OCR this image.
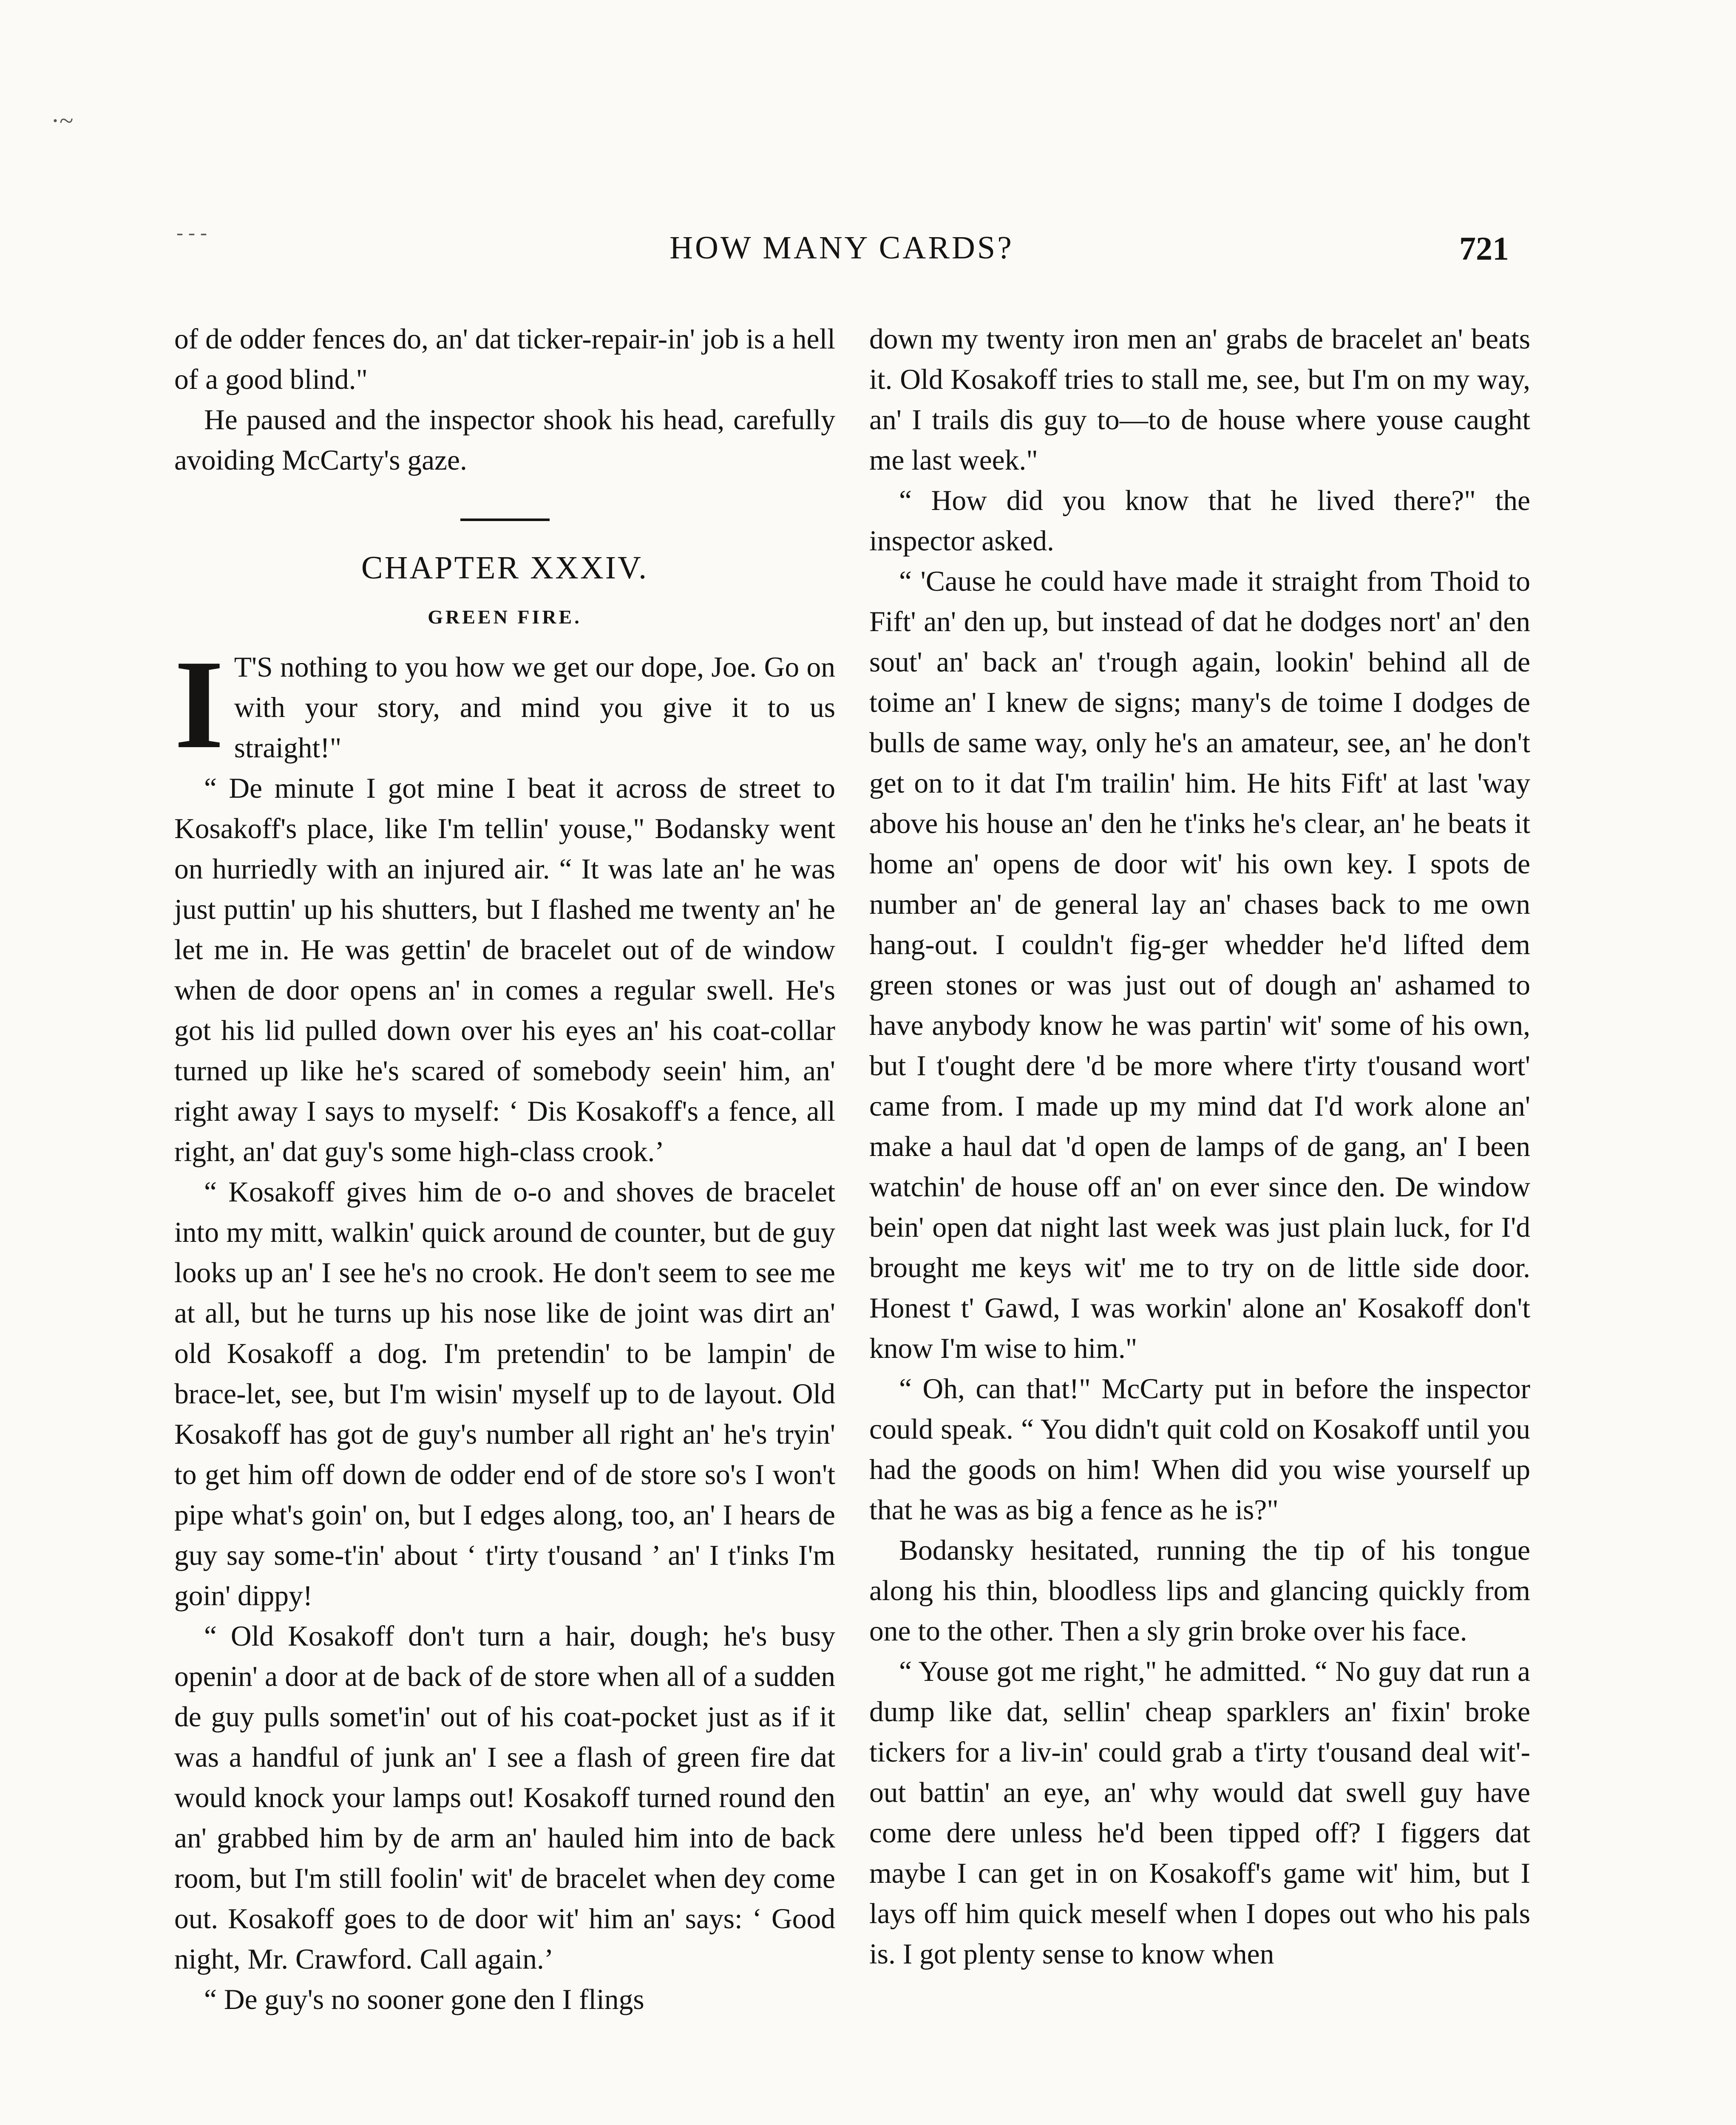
·~
- - -	HOW MANY CARDS?	721

of de odder fences do, an' dat ticker-repair-in' job is a hell of a good blind."

He paused and the inspector shook his head, carefully avoiding McCarty's gaze.

CHAPTER XXXIV.
GREEN FIRE.

I T'S nothing to you how we get our dope, Joe. Go on with your story, and mind you give it to us straight!"

“ De minute I got mine I beat it across de street to Kosakoff's place, like I'm tellin' youse," Bodansky went on hurriedly with an injured air. “ It was late an' he was just puttin' up his shutters, but I flashed me twenty an' he let me in. He was gettin' de bracelet out of de window when de door opens an' in comes a regular swell. He's got his lid pulled down over his eyes an' his coat-collar turned up like he's scared of somebody seein' him, an' right away I says to myself: ‘ Dis Kosakoff's a fence, all right, an' dat guy's some high-class crook.’

“ Kosakoff gives him de o-o and shoves de bracelet into my mitt, walkin' quick around de counter, but de guy looks up an' I see he's no crook. He don't seem to see me at all, but he turns up his nose like de joint was dirt an' old Kosakoff a dog. I'm pretendin' to be lampin' de brace-let, see, but I'm wisin' myself up to de layout. Old Kosakoff has got de guy's number all right an' he's tryin' to get him off down de odder end of de store so's I won't pipe what's goin' on, but I edges along, too, an' I hears de guy say some-t'in' about ‘ t'irty t'ousand ’ an' I t'inks I'm goin' dippy!

“ Old Kosakoff don't turn a hair, dough; he's busy openin' a door at de back of de store when all of a sudden de guy pulls somet'in' out of his coat-pocket just as if it was a handful of junk an' I see a flash of green fire dat would knock your lamps out! Kosakoff turned round den an' grabbed him by de arm an' hauled him into de back room, but I'm still foolin' wit' de bracelet when dey come out. Kosakoff goes to de door wit' him an' says: ‘ Good night, Mr. Crawford. Call again.’

“ De guy's no sooner gone den I flings

down my twenty iron men an' grabs de bracelet an' beats it. Old Kosakoff tries to stall me, see, but I'm on my way, an' I trails dis guy to—to de house where youse caught me last week."

“ How did you know that he lived there?" the inspector asked.

“ 'Cause he could have made it straight from Thoid to Fift' an' den up, but instead of dat he dodges nort' an' den sout' an' back an' t'rough again, lookin' behind all de toime an' I knew de signs; many's de toime I dodges de bulls de same way, only he's an amateur, see, an' he don't get on to it dat I'm trailin' him. He hits Fift' at last 'way above his house an' den he t'inks he's clear, an' he beats it home an' opens de door wit' his own key. I spots de number an' de general lay an' chases back to me own hang-out. I couldn't fig-ger whedder he'd lifted dem green stones or was just out of dough an' ashamed to have anybody know he was partin' wit' some of his own, but I t'ought dere 'd be more where t'irty t'ousand wort' came from. I made up my mind dat I'd work alone an' make a haul dat 'd open de lamps of de gang, an' I been watchin' de house off an' on ever since den. De window bein' open dat night last week was just plain luck, for I'd brought me keys wit' me to try on de little side door. Honest t' Gawd, I was workin' alone an' Kosakoff don't know I'm wise to him."

“ Oh, can that!" McCarty put in before the inspector could speak. “ You didn't quit cold on Kosakoff until you had the goods on him! When did you wise yourself up that he was as big a fence as he is?"

Bodansky hesitated, running the tip of his tongue along his thin, bloodless lips and glancing quickly from one to the other. Then a sly grin broke over his face.

“ Youse got me right," he admitted. “ No guy dat run a dump like dat, sellin' cheap sparklers an' fixin' broke tickers for a liv-in' could grab a t'irty t'ousand deal wit'-out battin' an eye, an' why would dat swell guy have come dere unless he'd been tipped off? I figgers dat maybe I can get in on Kosakoff's game wit' him, but I lays off him quick meself when I dopes out who his pals is. I got plenty sense to know when
